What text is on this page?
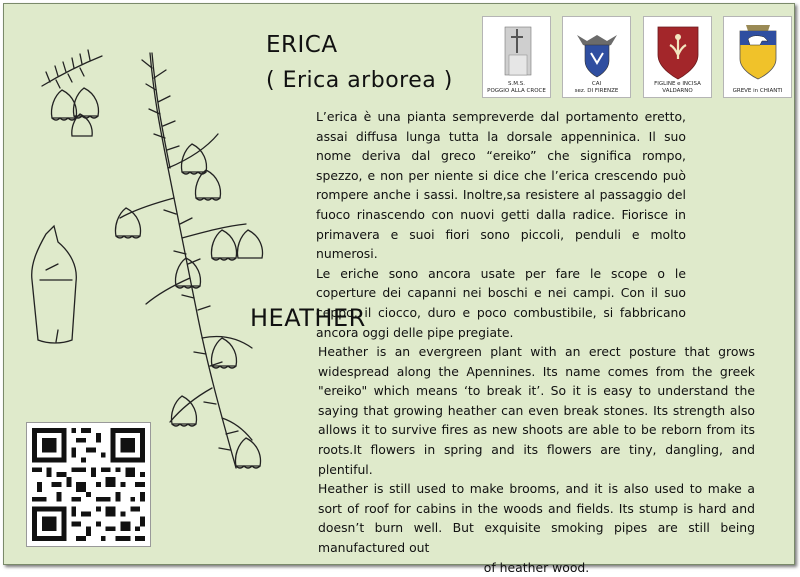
ERICA
( Erica arborea )	S.M.S.
POGGIO ALLA CROCE
CAI
sez. DI FIRENZE
FIGLINE e INCISA
VALDARNO	GREVE in CHIANTI

L’erica è una pianta sempreverde dal portamento eretto, assai diffusa lunga tutta la dorsale appenninica. Il suo nome deriva dal greco “ereiko” che significa rompo, spezzo, e non per niente si dice che l’erica crescendo può rompere anche i sassi. Inoltre,sa resistere al passaggio del fuoco rinascendo con nuovi getti dalla radice. Fiorisce in primavera e suoi fiori sono piccoli, penduli e molto numerosi.

Le eriche sono ancora usate per fare le scope o le coperture dei capanni nei boschi e nei campi. Con il suo ceppo, il ciocco, duro e poco combustibile, si fabbricano ancora oggi delle pipe pregiate.

HEATHER

Heather is an evergreen plant with an erect posture that grows widespread along the Apennines. Its name comes from the greek "ereiko" which means ‘to break it’. So it is easy to understand the saying that growing heather can even break stones. Its strength also allows it to survive fires as new shoots are able to be reborn from its roots.It flowers in spring and its flowers are tiny, dangling, and plentiful.

Heather is still used to make brooms, and it is also used to make a sort of roof for cabins in the woods and fields. Its stump is hard and doesn’t burn well. But exquisite smoking pipes are still being manufactured out

of heather wood.
